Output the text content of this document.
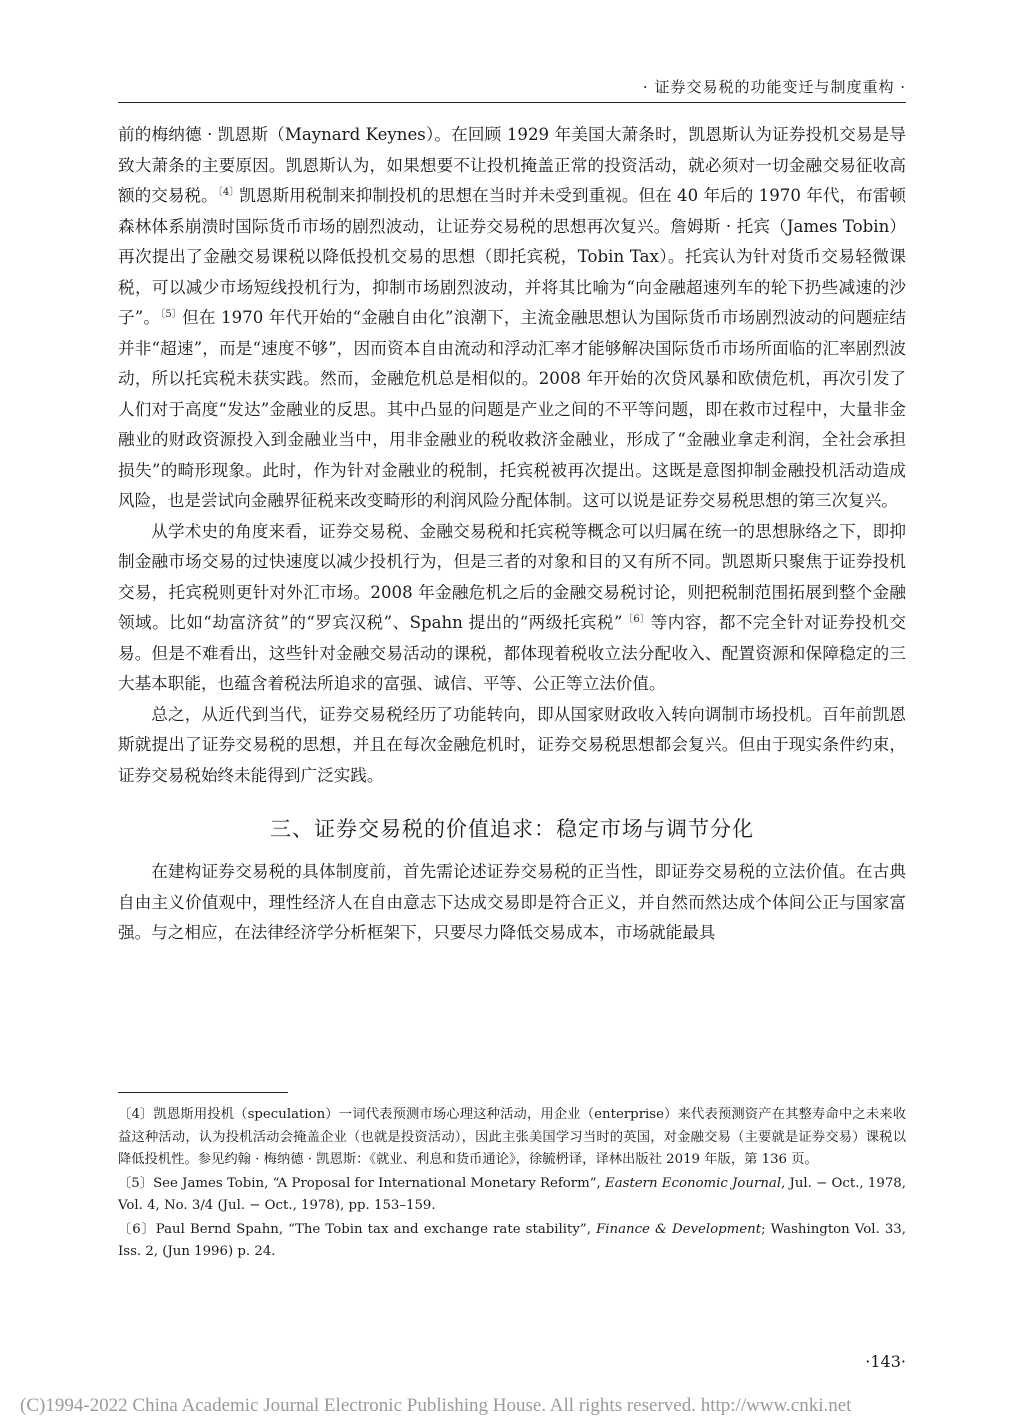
· 证券交易税的功能变迁与制度重构 ·

前的梅纳德 · 凯恩斯（Maynard Keynes）。在回顾 1929 年美国大萧条时，凯恩斯认为证券投机交易是导致大萧条的主要原因。凯恩斯认为，如果想要不让投机掩盖正常的投资活动，就必须对一切金融交易征收高额的交易税。$^{〔4〕}$凯恩斯用税制来抑制投机的思想在当时并未受到重视。但在 40 年后的 1970 年代，布雷顿森林体系崩溃时国际货币市场的剧烈波动，让证券交易税的思想再次复兴。詹姆斯 · 托宾（James Tobin）再次提出了金融交易课税以降低投机交易的思想（即托宾税，Tobin Tax）。托宾认为针对货币交易轻微课税，可以减少市场短线投机行为，抑制市场剧烈波动，并将其比喻为“向金融超速列车的轮下扔些减速的沙子”。$^{〔5〕}$但在 1970 年代开始的“金融自由化”浪潮下，主流金融思想认为国际货币市场剧烈波动的问题症结并非“超速”，而是“速度不够”，因而资本自由流动和浮动汇率才能够解决国际货币市场所面临的汇率剧烈波动，所以托宾税未获实践。然而，金融危机总是相似的。2008 年开始的次贷风暴和欧债危机，再次引发了人们对于高度“发达”金融业的反思。其中凸显的问题是产业之间的不平等问题，即在救市过程中，大量非金融业的财政资源投入到金融业当中，用非金融业的税收救济金融业，形成了“金融业拿走利润，全社会承担损失”的畸形现象。此时，作为针对金融业的税制，托宾税被再次提出。这既是意图抑制金融投机活动造成风险，也是尝试向金融界征税来改变畸形的利润风险分配体制。这可以说是证券交易税思想的第三次复兴。

从学术史的角度来看，证券交易税、金融交易税和托宾税等概念可以归属在统一的思想脉络之下，即抑制金融市场交易的过快速度以减少投机行为，但是三者的对象和目的又有所不同。凯恩斯只聚焦于证券投机交易，托宾税则更针对外汇市场。2008 年金融危机之后的金融交易税讨论，则把税制范围拓展到整个金融领域。比如“劫富济贫”的“罗宾汉税”、Spahn 提出的“两级托宾税”$^{〔6〕}$等内容，都不完全针对证券投机交易。但是不难看出，这些针对金融交易活动的课税，都体现着税收立法分配收入、配置资源和保障稳定的三大基本职能，也蕴含着税法所追求的富强、诚信、平等、公正等立法价值。

总之，从近代到当代，证券交易税经历了功能转向，即从国家财政收入转向调制市场投机。百年前凯恩斯就提出了证券交易税的思想，并且在每次金融危机时，证券交易税思想都会复兴。但由于现实条件约束，证券交易税始终未能得到广泛实践。

三、证券交易税的价值追求：稳定市场与调节分化

在建构证券交易税的具体制度前，首先需论述证券交易税的正当性，即证券交易税的立法价值。在古典自由主义价值观中，理性经济人在自由意志下达成交易即是符合正义，并自然而然达成个体间公正与国家富强。与之相应，在法律经济学分析框架下，只要尽力降低交易成本，市场就能最具

〔4〕凯恩斯用投机（speculation）一词代表预测市场心理这种活动，用企业（enterprise）来代表预测资产在其整寿命中之未来收益这种活动，认为投机活动会掩盖企业（也就是投资活动），因此主张美国学习当时的英国，对金融交易（主要就是证券交易）课税以降低投机性。参见约翰 · 梅纳德 · 凯恩斯：《就业、利息和货币通论》，徐毓枬译，译林出版社 2019 年版，第 136 页。

〔5〕See James Tobin, “A Proposal for International Monetary Reform”, Eastern Economic Journal, Jul. − Oct., 1978, Vol. 4, No. 3/4 (Jul. − Oct., 1978), pp. 153–159.

〔6〕Paul Bernd Spahn, “The Tobin tax and exchange rate stability”, Finance & Development; Washington Vol. 33, Iss. 2, (Jun 1996) p. 24.

·143·
(C)1994-2022 China Academic Journal Electronic Publishing House. All rights reserved. http://www.cnki.net
